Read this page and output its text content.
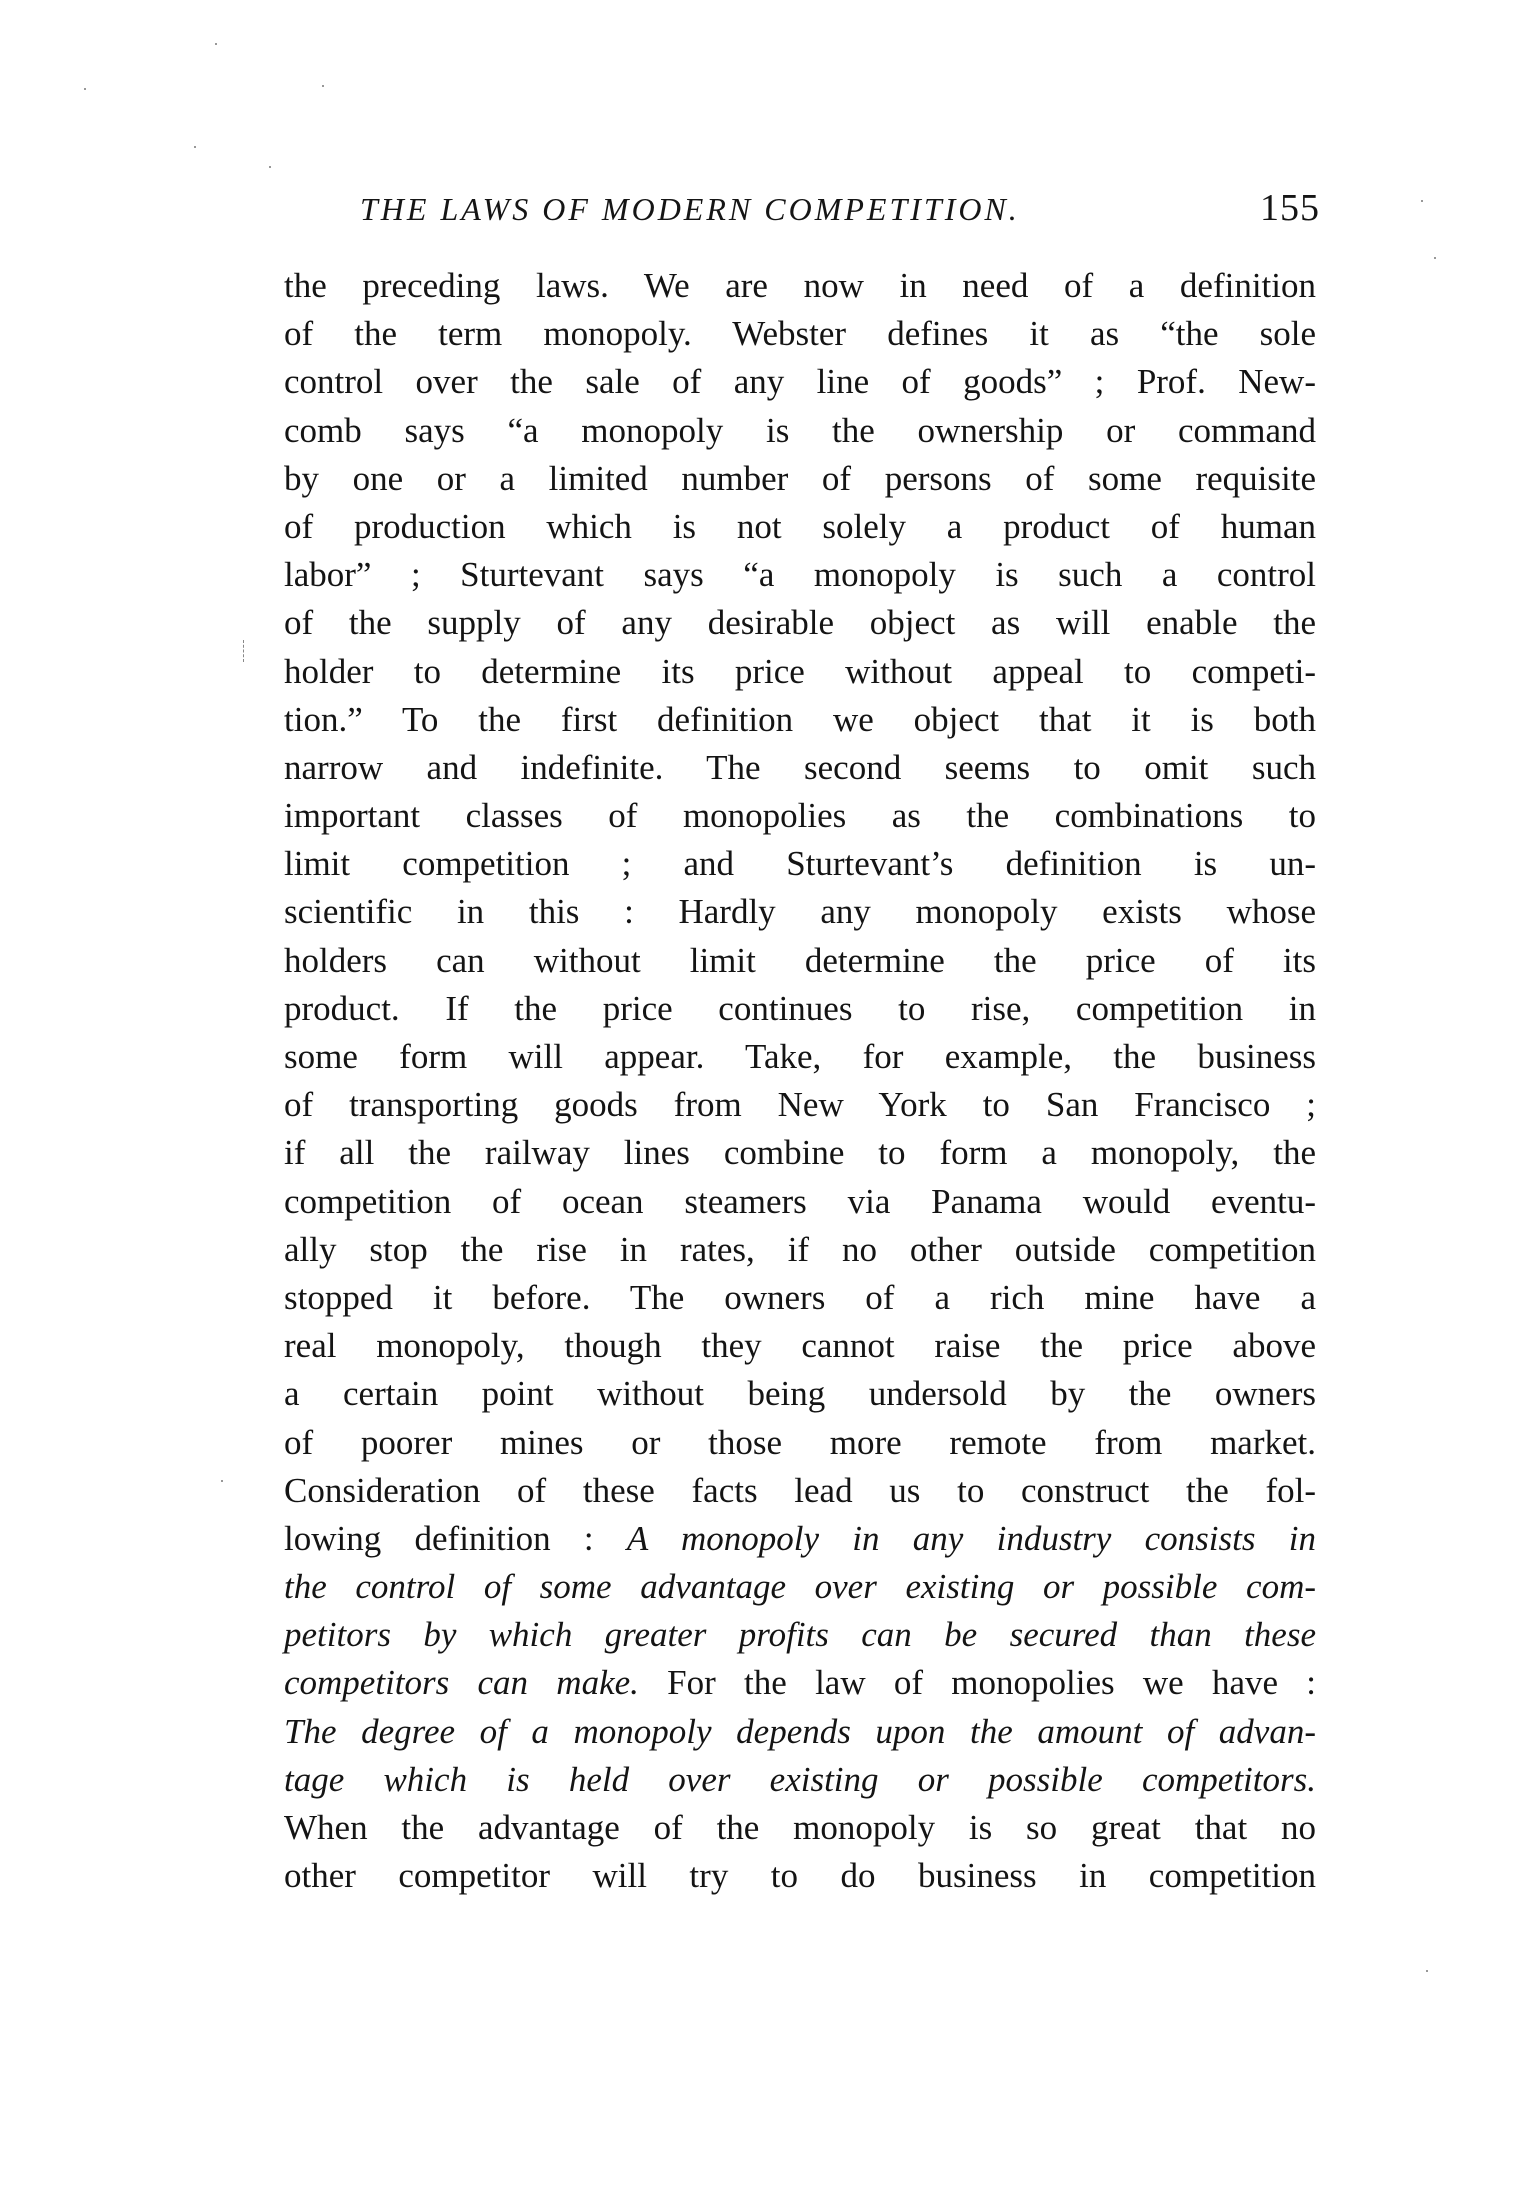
THE LAWS OF MODERN COMPETITION.	155
the preceding laws. We are now in need of a definition
of the term monopoly. Webster defines it as “the sole
control over the sale of any line of goods” ; Prof. New-
comb says “a monopoly is the ownership or command
by one or a limited number of persons of some requisite
of production which is not solely a product of human
labor” ; Sturtevant says “a monopoly is such a control
of the supply of any desirable object as will enable the
holder to determine its price without appeal to competi-
tion.” To the first definition we object that it is both
narrow and indefinite. The second seems to omit such
important classes of monopolies as the combinations to
limit competition ; and Sturtevant’s definition is un-
scientific in this : Hardly any monopoly exists whose
holders can without limit determine the price of its
product. If the price continues to rise, competition in
some form will appear. Take, for example, the business
of transporting goods from New York to San Francisco ;
if all the railway lines combine to form a monopoly, the
competition of ocean steamers via Panama would eventu-
ally stop the rise in rates, if no other outside competition
stopped it before. The owners of a rich mine have a
real monopoly, though they cannot raise the price above
a certain point without being undersold by the owners
of poorer mines or those more remote from market.
Consideration of these facts lead us to construct the fol-
lowing definition : A monopoly in any industry consists in
the control of some advantage over existing or possible com-
petitors by which greater profits can be secured than these
competitors can make. For the law of monopolies we have :
The degree of a monopoly depends upon the amount of advan-
tage which is held over existing or possible competitors.
When the advantage of the monopoly is so great that no
other competitor will try to do business in competition
